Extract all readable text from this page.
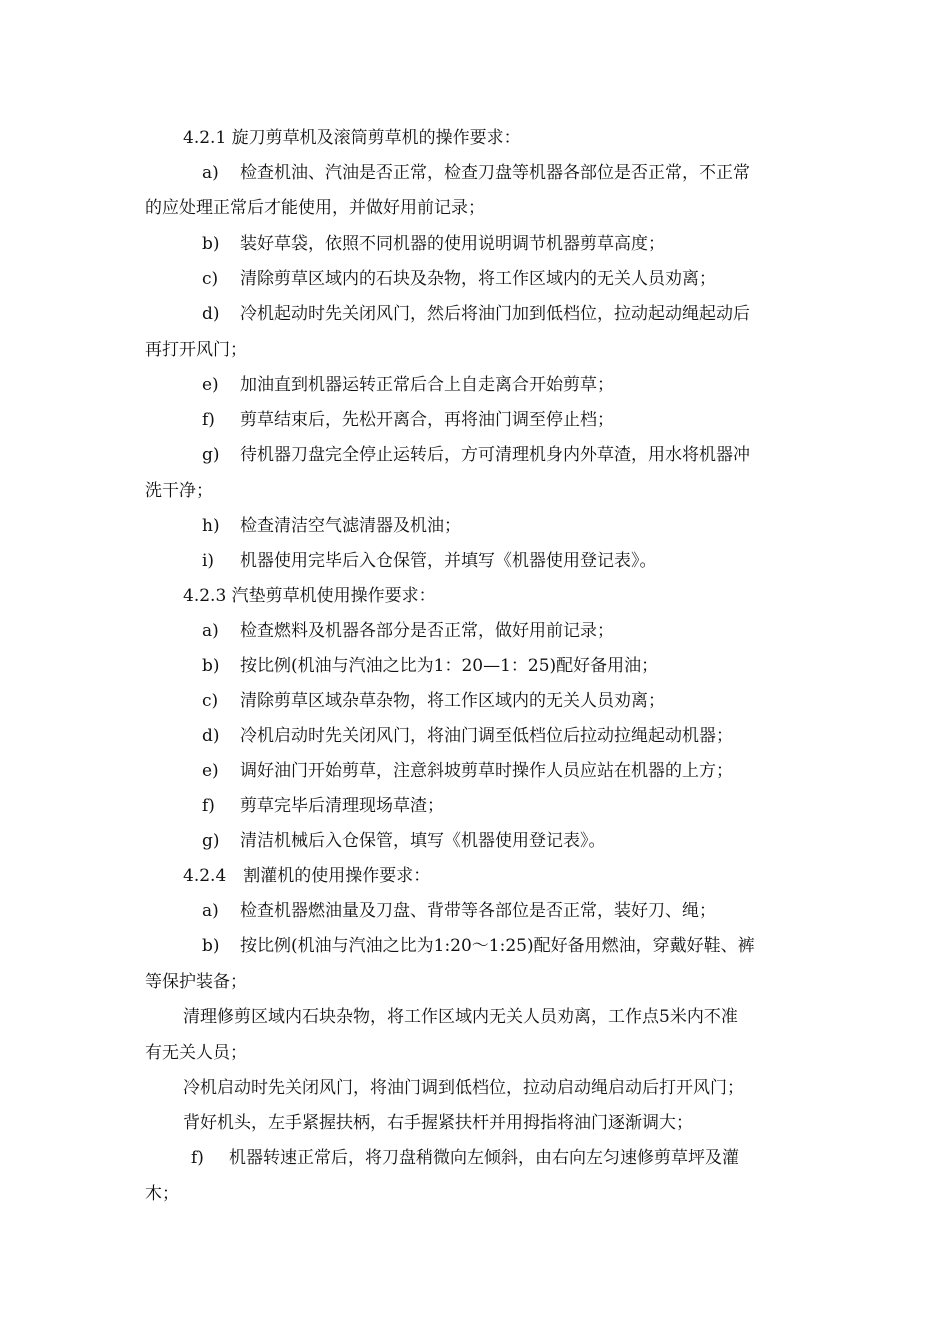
4.2.1 旋刀剪草机及滚筒剪草机的操作要求：
a) 检查机油、汽油是否正常，检查刀盘等机器各部位是否正常，不正常
的应处理正常后才能使用，并做好用前记录；
b) 装好草袋，依照不同机器的使用说明调节机器剪草高度；
c) 清除剪草区域内的石块及杂物，将工作区域内的无关人员劝离；
d) 冷机起动时先关闭风门，然后将油门加到低档位，拉动起动绳起动后
再打开风门；
e) 加油直到机器运转正常后合上自走离合开始剪草；
f) 剪草结束后，先松开离合，再将油门调至停止档；
g) 待机器刀盘完全停止运转后，方可清理机身内外草渣，用水将机器冲
洗干净；
h) 检查清洁空气滤清器及机油；
i) 机器使用完毕后入仓保管，并填写《机器使用登记表》。
4.2.3 汽垫剪草机使用操作要求：
a) 检查燃料及机器各部分是否正常，做好用前记录；
b) 按比例(机油与汽油之比为1：20—1：25)配好备用油；
c) 清除剪草区域杂草杂物，将工作区域内的无关人员劝离；
d) 冷机启动时先关闭风门，将油门调至低档位后拉动拉绳起动机器；
e) 调好油门开始剪草，注意斜坡剪草时操作人员应站在机器的上方；
f) 剪草完毕后清理现场草渣；
g) 清洁机械后入仓保管，填写《机器使用登记表》。
4.2.4　割灌机的使用操作要求：
a) 检查机器燃油量及刀盘、背带等各部位是否正常，装好刀、绳；
b) 按比例(机油与汽油之比为1:20～1:25)配好备用燃油，穿戴好鞋、裤
等保护装备；
清理修剪区域内石块杂物，将工作区域内无关人员劝离，工作点5米内不准
有无关人员；
冷机启动时先关闭风门，将油门调到低档位，拉动启动绳启动后打开风门；
背好机头，左手紧握扶柄，右手握紧扶杆并用拇指将油门逐渐调大；
f) 机器转速正常后，将刀盘稍微向左倾斜，由右向左匀速修剪草坪及灌
木；
